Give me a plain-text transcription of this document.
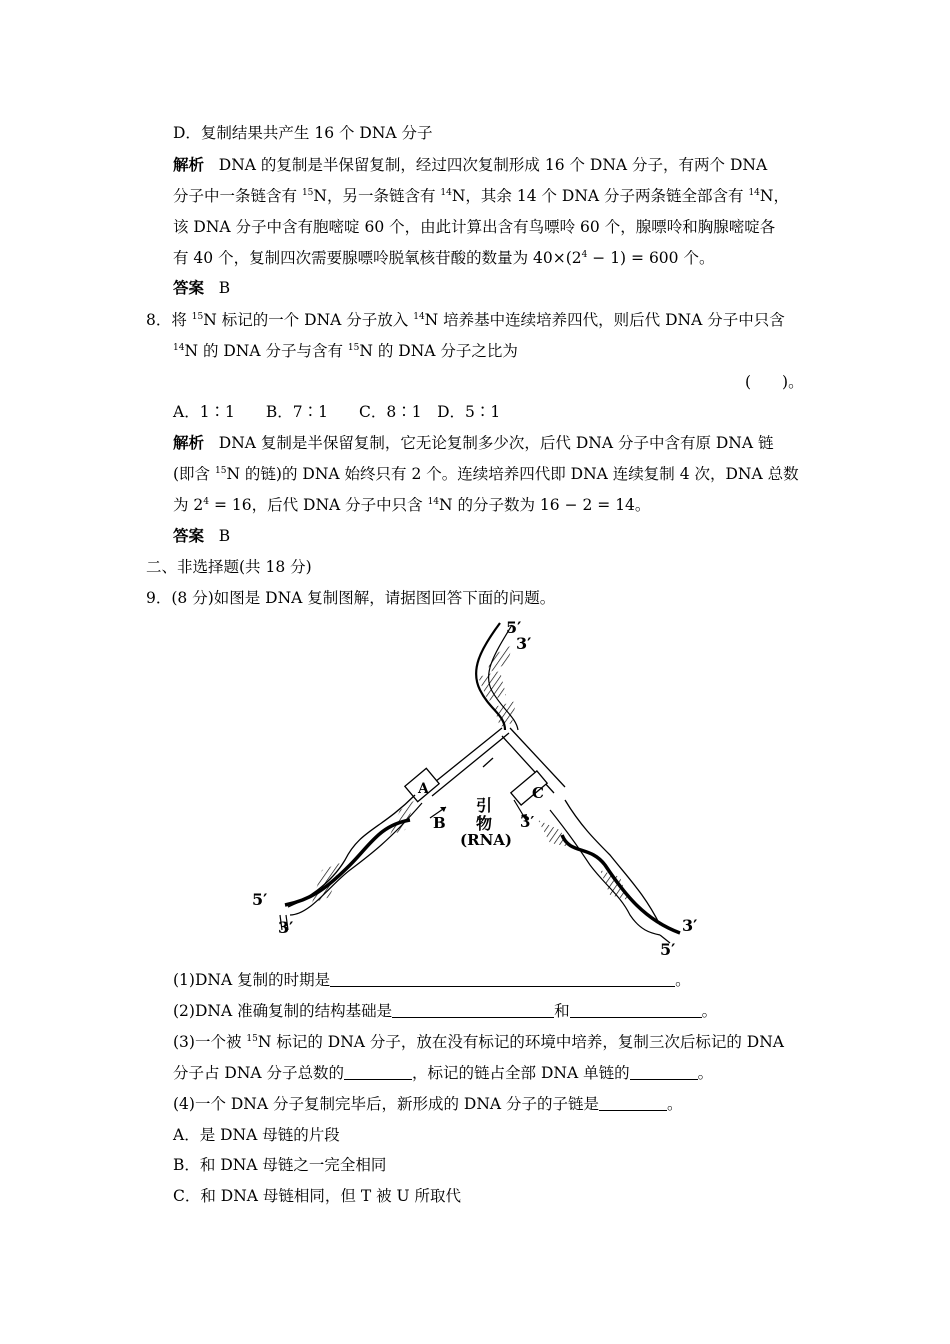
D．复制结果共产生 16 个 DNA 分子
解析 DNA 的复制是半保留复制，经过四次复制形成 16 个 DNA 分子，有两个 DNA
分子中一条链含有 $^{15}$N，另一条链含有 $^{14}$N，其余 14 个 DNA 分子两条链全部含有 $^{14}$N，
该 DNA 分子中含有胞嘧啶 60 个，由此计算出含有鸟嘌呤 60 个，腺嘌呤和胸腺嘧啶各
有 40 个，复制四次需要腺嘌呤脱氧核苷酸的数量为 $40\times(2^4 - 1) = 600$ 个。
答案 B
8．将 $^{15}$N 标记的一个 DNA 分子放入 $^{14}$N 培养基中连续培养四代，则后代 DNA 分子中只含
$^{14}$N 的 DNA 分子与含有 $^{15}$N 的 DNA 分子之比为
(　　)。
A．1∶1　　B．7∶1　　C．8∶1　D．5∶1
解析 DNA 复制是半保留复制，它无论复制多少次，后代 DNA 分子中含有原 DNA 链
(即含 $^{15}$N 的链)的 DNA 始终只有 2 个。连续培养四代即 DNA 连续复制 4 次，DNA 总数
为 $2^4 = 16$，后代 DNA 分子中只含 $^{14}$N 的分子数为 16 − 2 = 14。
答案 B
二、非选择题(共 18 分)
9．(8 分)如图是 DNA 复制图解，请据图回答下面的问题。
5′
3′
A
B
C
引
物
(RNA)
3′
5′
3′	3′
5′
(1)DNA 复制的时期是	。
(2)DNA 准确复制的结构基础是	和	。
(3)一个被 $^{15}$N 标记的 DNA 分子，放在没有标记的环境中培养，复制三次后标记的 DNA
分子占 DNA 分子总数的	，标记的链占全部 DNA 单链的	。
(4)一个 DNA 分子复制完毕后，新形成的 DNA 分子的子链是	。
A．是 DNA 母链的片段
B．和 DNA 母链之一完全相同
C．和 DNA 母链相同，但 T 被 U 所取代
